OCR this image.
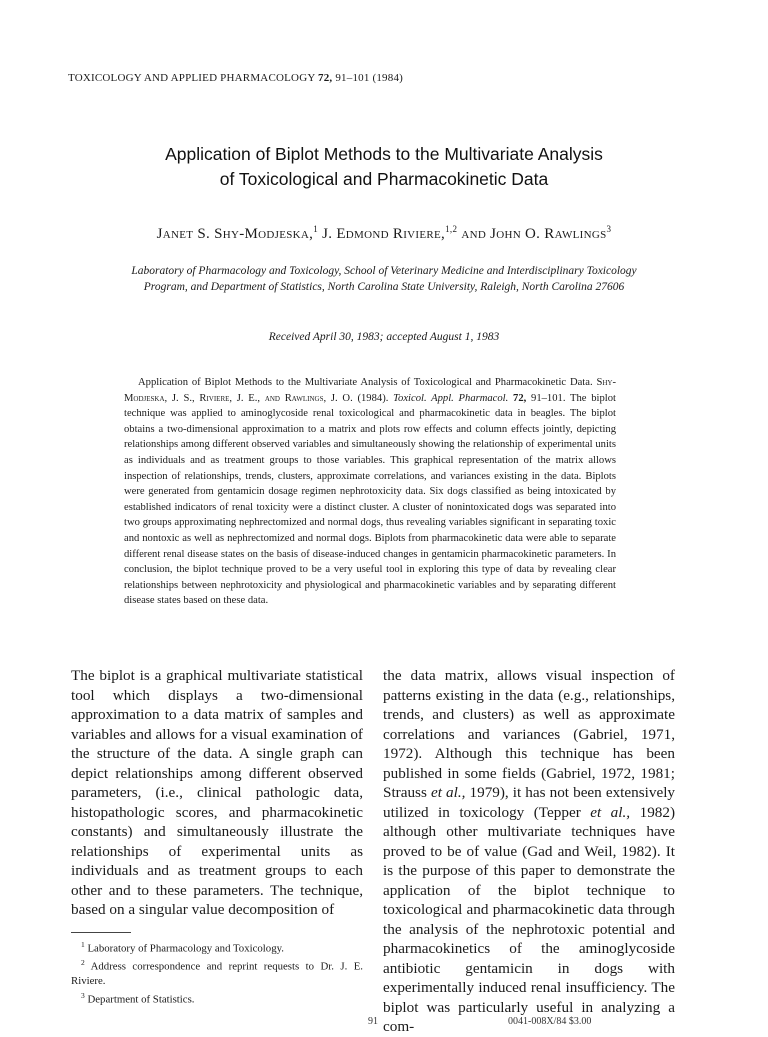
TOXICOLOGY AND APPLIED PHARMACOLOGY 72, 91–101 (1984)
Application of Biplot Methods to the Multivariate Analysis
of Toxicological and Pharmacokinetic Data
Janet S. Shy-Modjeska,$^1$ J. Edmond Riviere,$^{1,2}$ and John O. Rawlings$^3$
Laboratory of Pharmacology and Toxicology, School of Veterinary Medicine and Interdisciplinary Toxicology
Program, and Department of Statistics, North Carolina State University, Raleigh, North Carolina 27606
Received April 30, 1983; accepted August 1, 1983
Application of Biplot Methods to the Multivariate Analysis of Toxicological and Pharmacokinetic Data. Shy-Modjeska, J. S., Riviere, J. E., and Rawlings, J. O. (1984). Toxicol. Appl. Pharmacol. 72, 91–101. The biplot technique was applied to aminoglycoside renal toxicological and pharmacokinetic data in beagles. The biplot obtains a two-dimensional approximation to a matrix and plots row effects and column effects jointly, depicting relationships among different observed variables and simultaneously showing the relationship of experimental units as individuals and as treatment groups to those variables. This graphical representation of the matrix allows inspection of relationships, trends, clusters, approximate correlations, and variances existing in the data. Biplots were generated from gentamicin dosage regimen nephrotoxicity data. Six dogs classified as being intoxicated by established indicators of renal toxicity were a distinct cluster. A cluster of nonintoxicated dogs was separated into two groups approximating nephrectomized and normal dogs, thus revealing variables significant in separating toxic and nontoxic as well as nephrectomized and normal dogs. Biplots from pharmacokinetic data were able to separate different renal disease states on the basis of disease-induced changes in gentamicin pharmacokinetic parameters. In conclusion, the biplot technique proved to be a very useful tool in exploring this type of data by revealing clear relationships between nephrotoxicity and physiological and pharmacokinetic variables and by separating different disease states based on these data.
The biplot is a graphical multivariate statistical tool which displays a two-dimensional approximation to a data matrix of samples and variables and allows for a visual examination of the structure of the data. A single graph can depict relationships among different observed parameters, (i.e., clinical pathologic data, histopathologic scores, and pharmacokinetic constants) and simultaneously illustrate the relationships of experimental units as individuals and as treatment groups to each other and to these parameters. The technique, based on a singular value decomposition of
the data matrix, allows visual inspection of patterns existing in the data (e.g., relationships, trends, and clusters) as well as approximate correlations and variances (Gabriel, 1971, 1972). Although this technique has been published in some fields (Gabriel, 1972, 1981; Strauss et al., 1979), it has not been extensively utilized in toxicology (Tepper et al., 1982) although other multivariate techniques have proved to be of value (Gad and Weil, 1982). It is the purpose of this paper to demonstrate the application of the biplot technique to toxicological and pharmacokinetic data through the analysis of the nephrotoxic potential and pharmacokinetics of the aminoglycoside antibiotic gentamicin in dogs with experimentally induced renal insufficiency. The biplot was particularly useful in analyzing a com-
$^1$ Laboratory of Pharmacology and Toxicology.
$^2$ Address correspondence and reprint requests to Dr. J. E. Riviere.
$^3$ Department of Statistics.
91	0041-008X/84 $3.00
